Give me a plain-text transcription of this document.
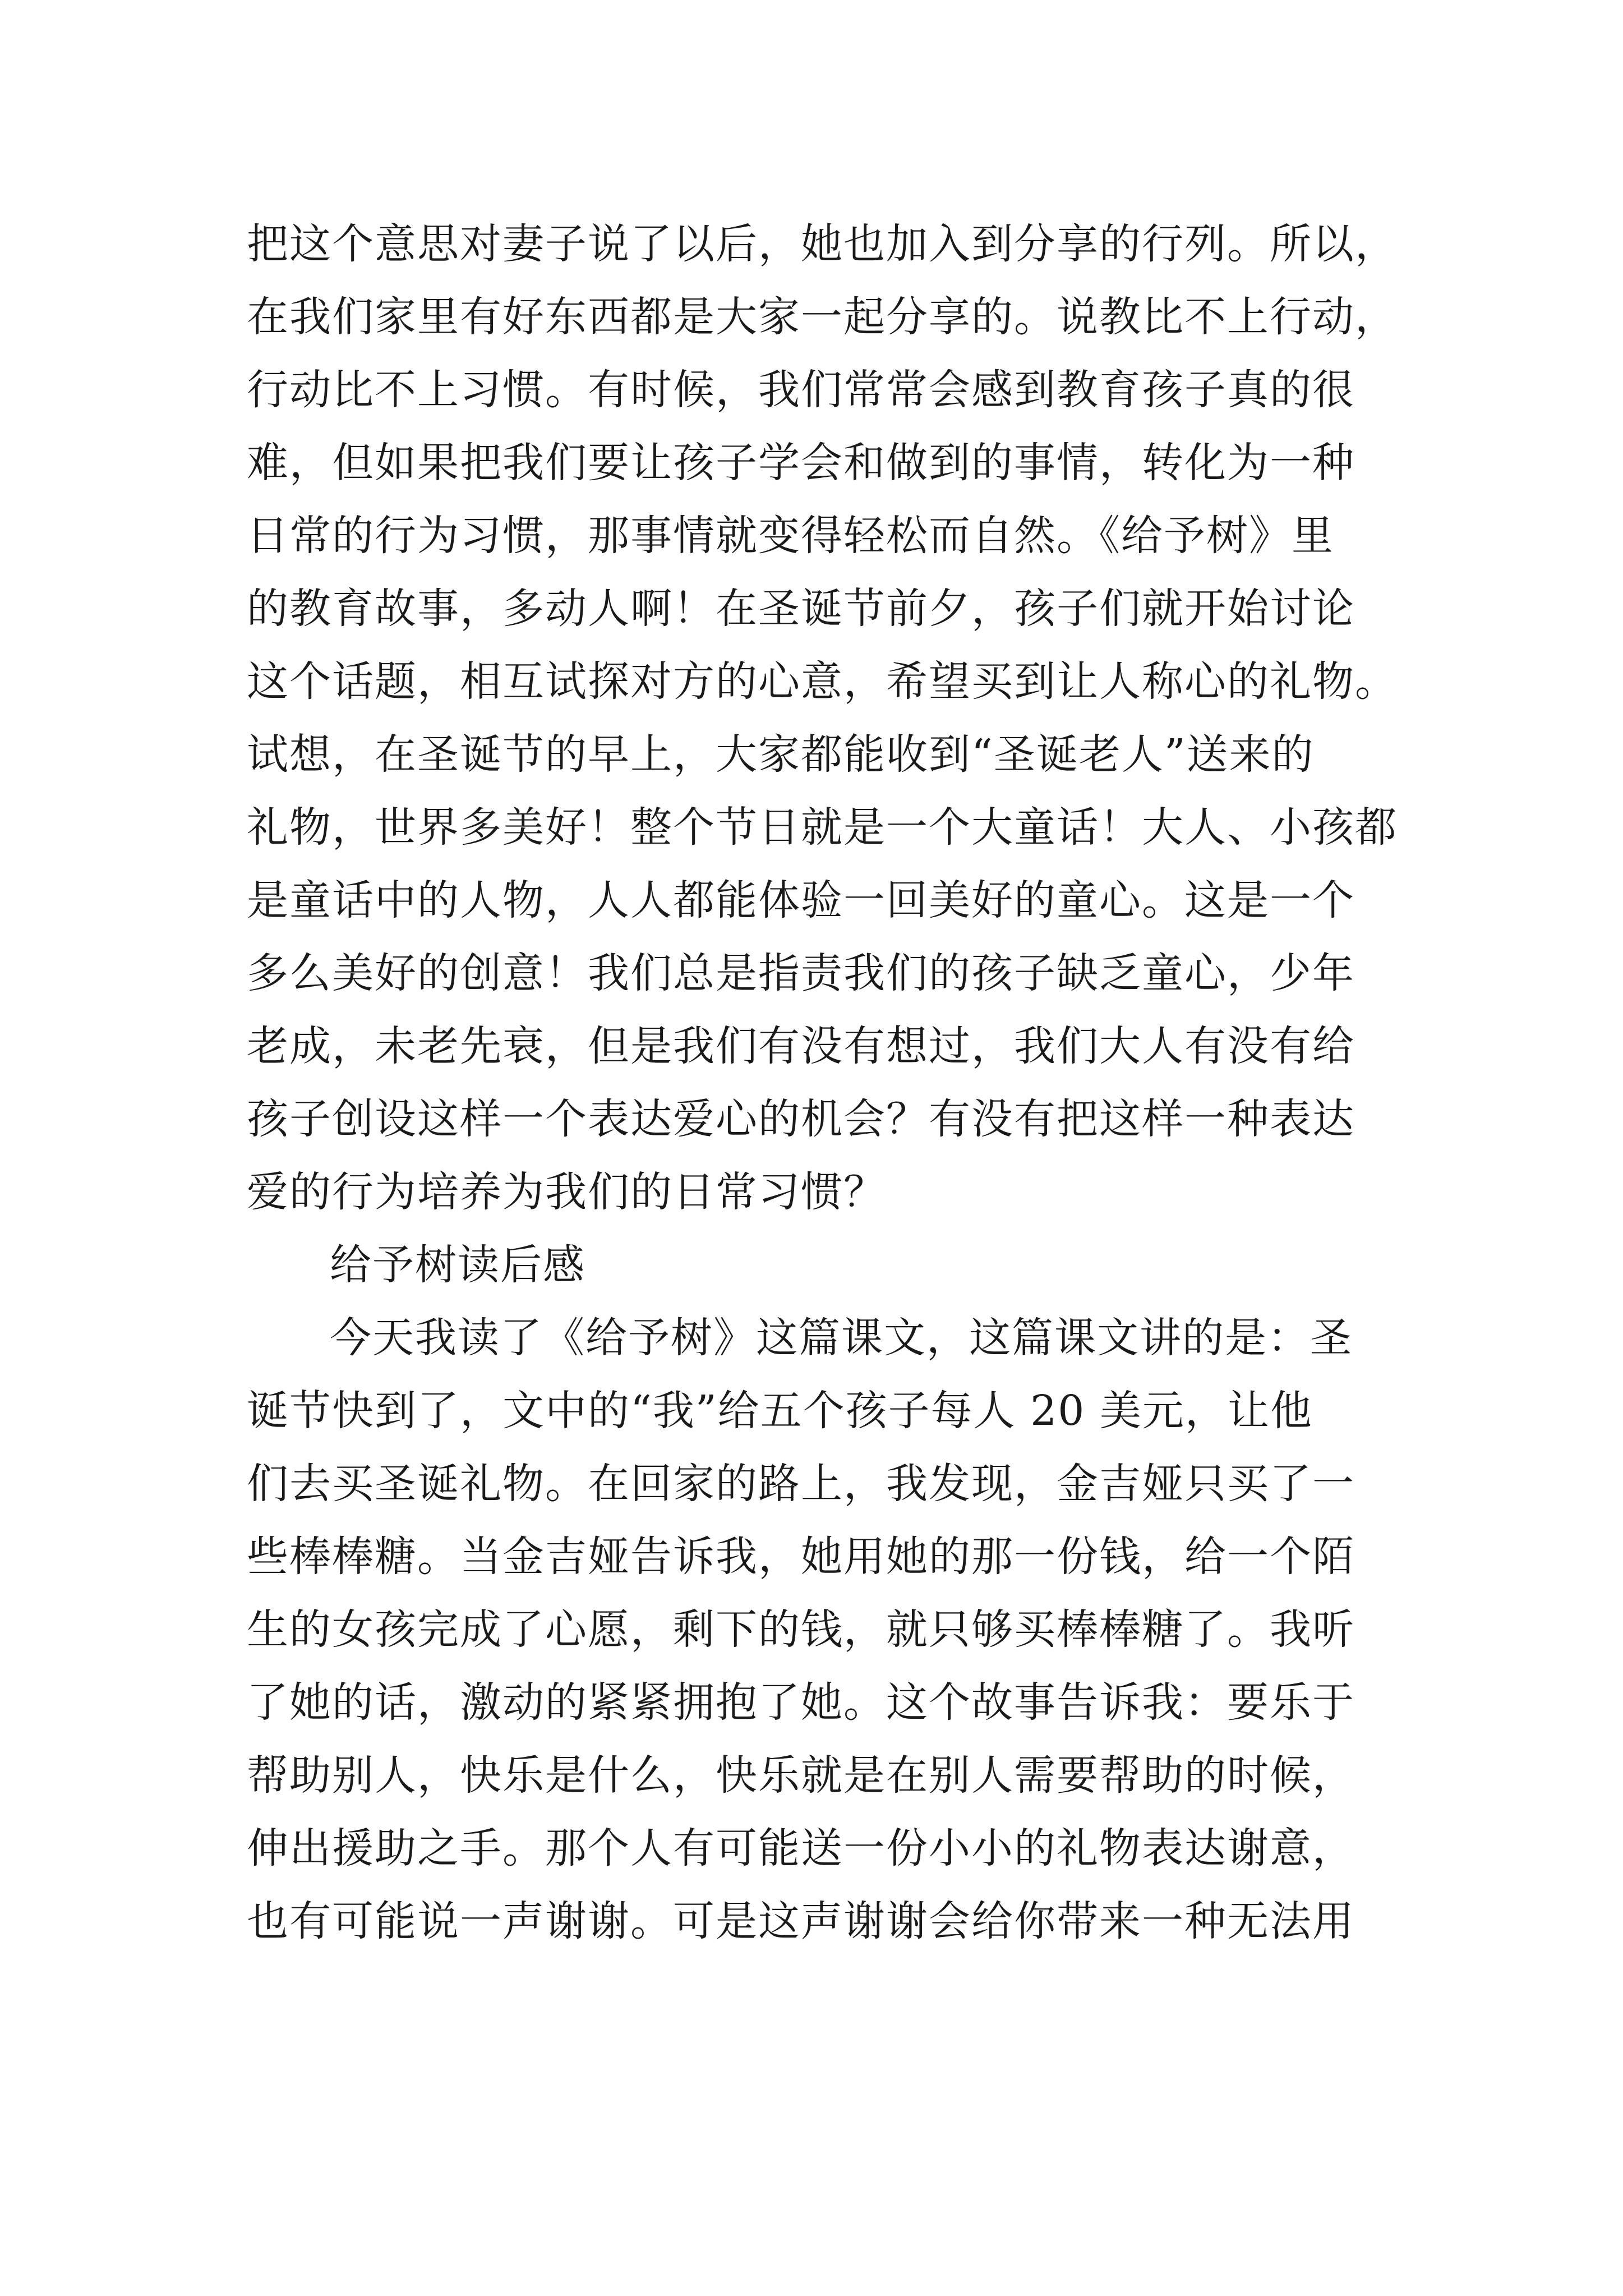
把这个意思对妻子说了以后，她也加入到分享的行列。所以，
在我们家里有好东西都是大家一起分享的。说教比不上行动，
行动比不上习惯。有时候，我们常常会感到教育孩子真的很
难，但如果把我们要让孩子学会和做到的事情，转化为一种
日常的行为习惯，那事情就变得轻松而自然。《给予树》里
的教育故事，多动人啊！在圣诞节前夕，孩子们就开始讨论
这个话题，相互试探对方的心意，希望买到让人称心的礼物。
试想，在圣诞节的早上，大家都能收到“圣诞老人”送来的
礼物，世界多美好！整个节日就是一个大童话！大人、小孩都
是童话中的人物，人人都能体验一回美好的童心。这是一个
多么美好的创意！我们总是指责我们的孩子缺乏童心，少年
老成，未老先衰，但是我们有没有想过，我们大人有没有给
孩子创设这样一个表达爱心的机会？有没有把这样一种表达
爱的行为培养为我们的日常习惯？
给予树读后感
今天我读了《给予树》这篇课文，这篇课文讲的是：圣
诞节快到了，文中的“我”给五个孩子每人 20 美元，让他
们去买圣诞礼物。在回家的路上，我发现，金吉娅只买了一
些棒棒糖。当金吉娅告诉我，她用她的那一份钱，给一个陌
生的女孩完成了心愿，剩下的钱，就只够买棒棒糖了。我听
了她的话，激动的紧紧拥抱了她。这个故事告诉我：要乐于
帮助别人，快乐是什么，快乐就是在别人需要帮助的时候，
伸出援助之手。那个人有可能送一份小小的礼物表达谢意，
也有可能说一声谢谢。可是这声谢谢会给你带来一种无法用
